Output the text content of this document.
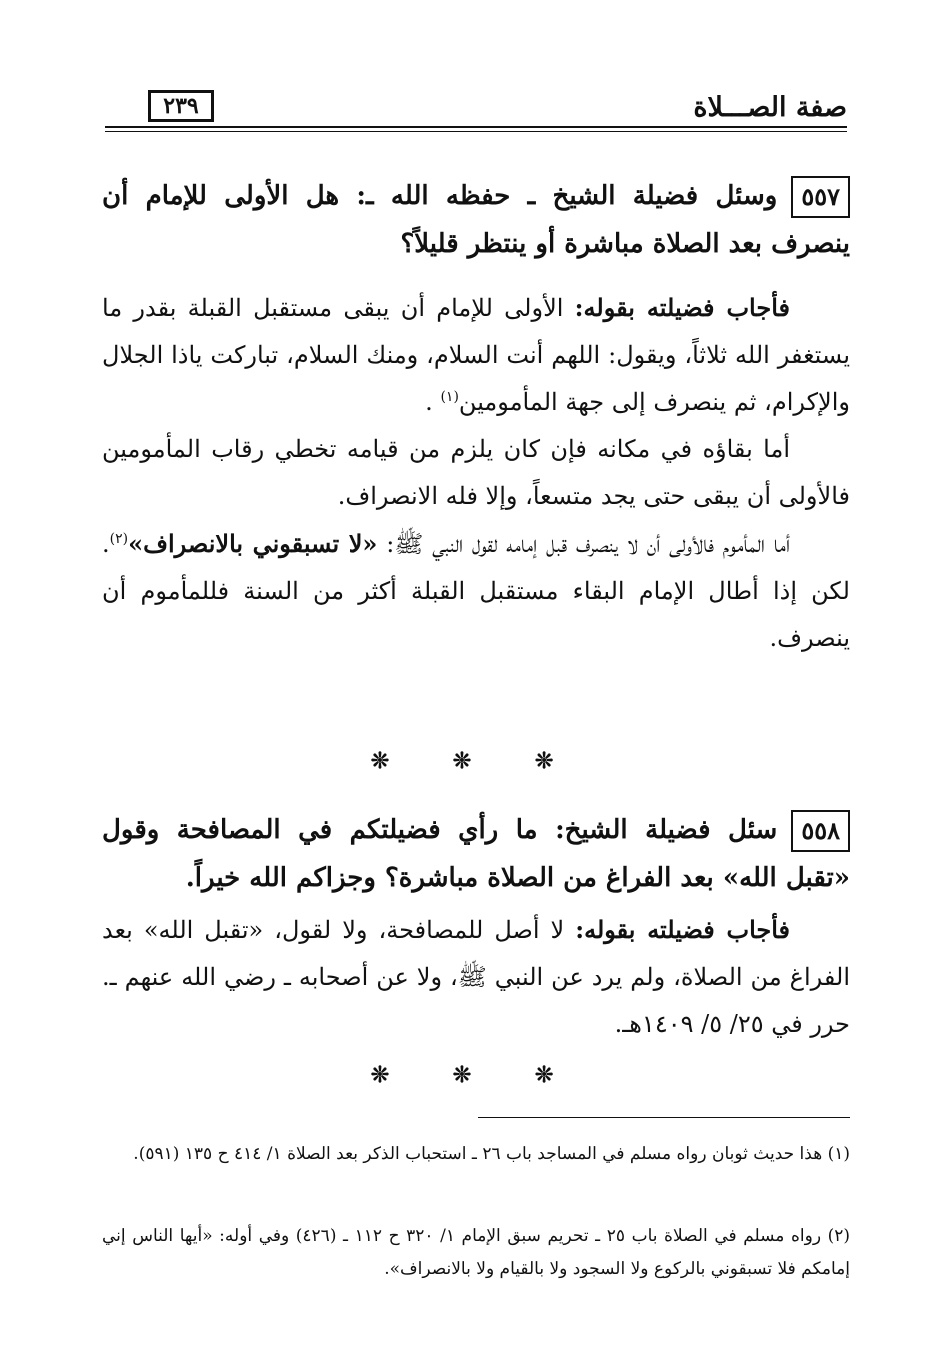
صفة الصـــلاة
٢٣٩
٥٥٧وسئل فضيلة الشيخ ـ حفظه الله ـ: هل الأولى للإمام أن ينصرف بعد الصلاة مباشرة أو ينتظر قليلاً؟

فأجاب فضيلته بقوله: الأولى للإمام أن يبقى مستقبل القبلة بقدر ما يستغفر الله ثلاثاً، ويقول: اللهم أنت السلام، ومنك السلام، تباركت ياذا الجلال والإكرام، ثم ينصرف إلى جهة المأمومين$^{(١)}$ .

أما بقاؤه في مكانه فإن كان يلزم من قيامه تخطي رقاب المأمومين فالأولى أن يبقى حتى يجد متسعاً، وإلا فله الانصراف.

أما المأموم فالأولى أن لا ينصرف قبل إمامه لقول النبي ﷺ: «لا تسبقوني بالانصراف»$^{(٢)}$. لكن إذا أطال الإمام البقاء مستقبل القبلة أكثر من السنة فللمأموم أن ينصرف.

❊ ❊ ❊
٥٥٨سئل فضيلة الشيخ: ما رأي فضيلتكم في المصافحة وقول «تقبل الله» بعد الفراغ من الصلاة مباشرة؟ وجزاكم الله خيراً.

فأجاب فضيلته بقوله: لا أصل للمصافحة، ولا لقول، «تقبل الله» بعد الفراغ من الصلاة، ولم يرد عن النبي ﷺ، ولا عن أصحابه ـ رضي الله عنهم ـ. حرر في ٢٥/ ٥/ ١٤٠٩هـ.

❊ ❊ ❊

(١) هذا حديث ثوبان رواه مسلم في المساجد باب ٢٦ ـ استحباب الذكر بعد الصلاة ١/ ٤١٤ ح ١٣٥ (٥٩١).

(٢) رواه مسلم في الصلاة باب ٢٥ ـ تحريم سبق الإمام ١/ ٣٢٠ ح ١١٢ ـ (٤٢٦) وفي أوله: «أيها الناس إني إمامكم فلا تسبقوني بالركوع ولا السجود ولا بالقيام ولا بالانصراف».
